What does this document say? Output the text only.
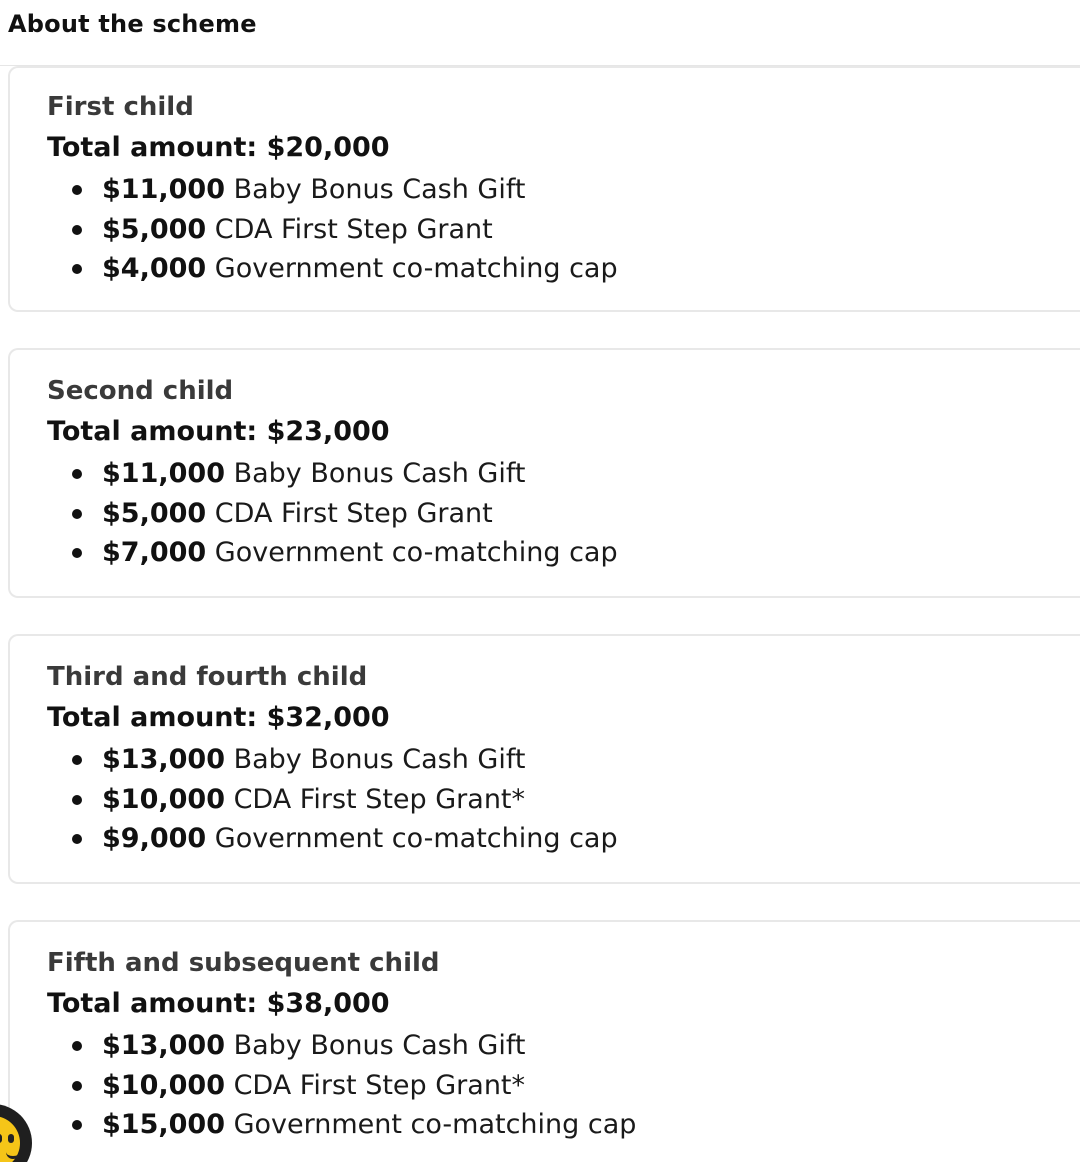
About the scheme
First child
Total amount: $20,000
$11,000 Baby Bonus Cash Gift
$5,000 CDA First Step Grant
$4,000 Government co-matching cap
Second child
Total amount: $23,000
$11,000 Baby Bonus Cash Gift
$5,000 CDA First Step Grant
$7,000 Government co-matching cap
Third and fourth child
Total amount: $32,000
$13,000 Baby Bonus Cash Gift
$10,000 CDA First Step Grant*
$9,000 Government co-matching cap
Fifth and subsequent child
Total amount: $38,000
$13,000 Baby Bonus Cash Gift
$10,000 CDA First Step Grant*
$15,000 Government co-matching cap
